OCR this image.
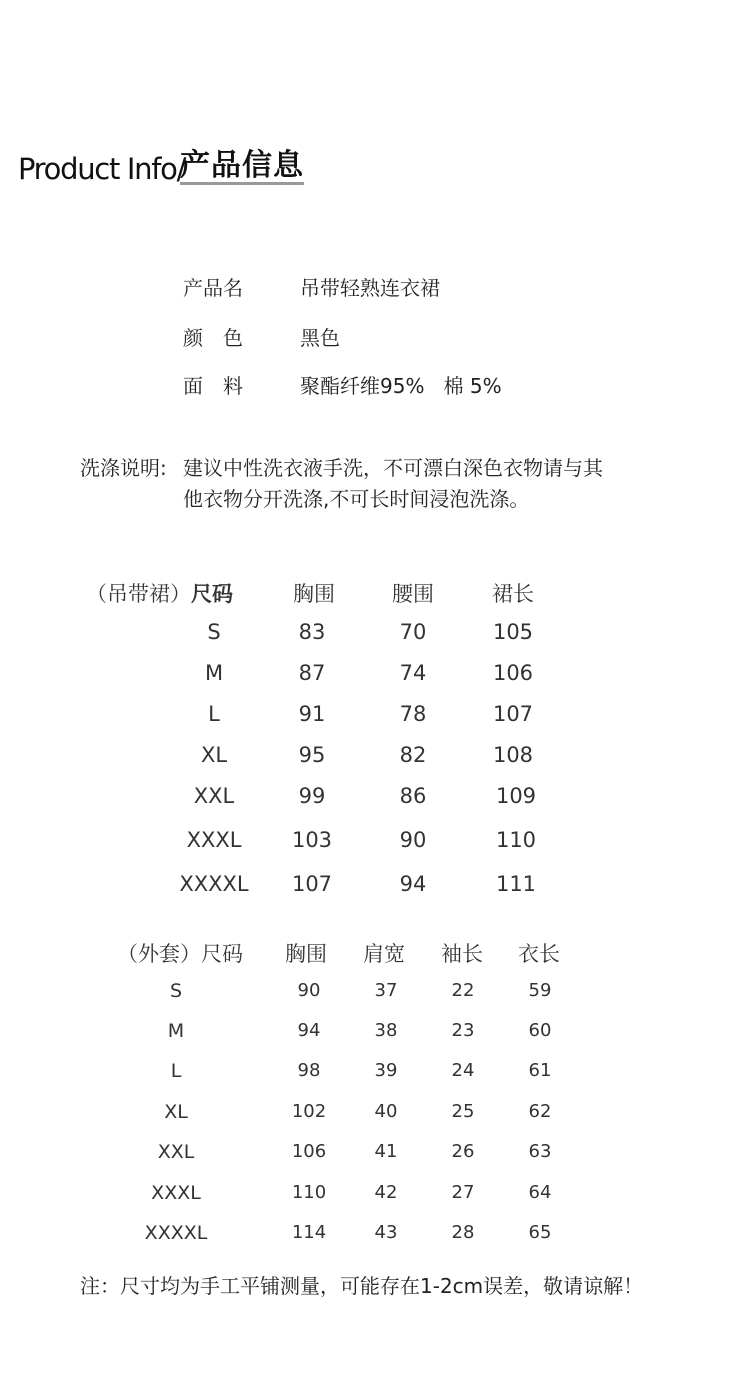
Product Info/
产品信息
产品名	吊带轻熟连衣裙
颜　色	黑色
面　料	聚酯纤维95%   棉 5%
洗涤说明: 建议中性洗衣液手洗，不可漂白深色衣物请与其
他衣物分开洗涤,不可长时间浸泡洗涤。
（吊带裙）尺码	胸围	腰围	裙长
S	83	70	105
M	87	74	106
L	91	78	107
XL	95	82	108
XXL	99	86	109
XXXL	103	90	110
XXXXL	107	94	111
（外套）尺码 胸围 肩宽 袖长 衣长
S	90	37	22	59
M	94	38	23	60
L	98	39	24	61
XL	102	40	25	62
XXL	106	41	26	63
XXXL	110	42	27	64
XXXXL	114	43	28	65
注：尺寸均为手工平铺测量，可能存在1-2cm误差，敬请谅解！
